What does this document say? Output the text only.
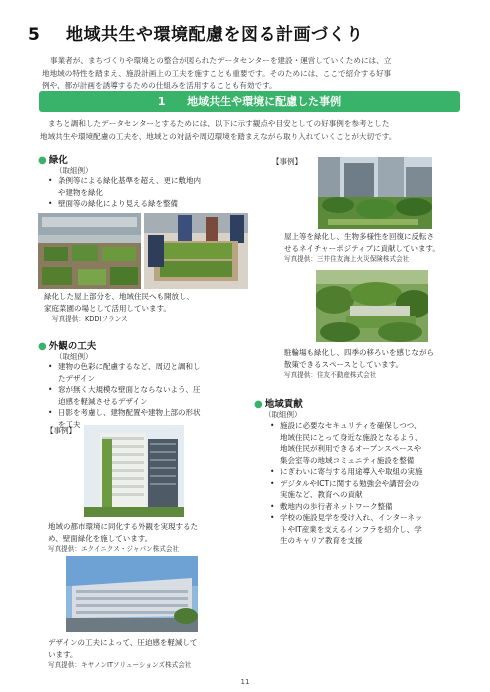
5 地域共生や環境配慮を図る計画づくり
事業者が、まちづくりや環境との整合が図られたデータセンターを建設・運営していくためには、立
地地域の特性を踏まえ、施設計画上の工夫を施すことも重要です。そのためには、ここで紹介する好事
例や、都が計画を誘導するための仕組みを活用することも有効です。
1 地域共生や環境に配慮した事例
まちと調和したデータセンターとするためには、以下に示す観点や目安としての好事例を参考とした
地域共生や環境配慮の工夫を、地域との対話や周辺環境を踏まえながら取り入れていくことが大切です。
● 緑化
（取組例）
• 条例等による緑化基準を超え、更に敷地内
や建物を緑化
• 壁面等の緑化により見える緑を整備
緑化した屋上部分を、地域住民へも開放し、
家庭菜園の場として活用しています。
写真提供：KDDIフランス
【事例】
屋上等を緑化し、生物多様性を回復に反転さ
せるネイチャーポジティブに貢献しています。
写真提供：三井住友海上火災保険株式会社
駐輪場も緑化し、四季の移ろいを感じながら
散策できるスペースとしています。
写真提供：住友不動産株式会社
● 外観の工夫
（取組例）
• 建物の色彩に配慮するなど、周辺と調和し
たデザイン
• 窓が無く大規模な壁面とならないよう、圧
迫感を軽減させるデザイン
• 日影を考慮し、建物配置や建物上部の形状
を工夫
【事例】
地域の都市環境に同化する外観を実現するた
め、壁面緑化を施しています。
写真提供：エクイニクス・ジャパン株式会社
デザインの工夫によって、圧迫感を軽減して
います。
写真提供：キヤノンITソリューションズ株式会社
● 地域貢献
（取組例）
• 施設に必要なセキュリティを確保しつつ、
地域住民にとって身近な施設となるよう、
地域住民が利用できるオープンスペースや
集会室等の地域コミュニティ施設を整備
• にぎわいに寄与する用途導入や取組の実施
• デジタルやICTに関する勉強会や講習会の
実施など、教育への貢献
• 敷地内の歩行者ネットワーク整備
• 学校の施設見学を受け入れ、インターネッ
トやIT産業を支えるインフラを紹介し、学
生のキャリア教育を支援
11
